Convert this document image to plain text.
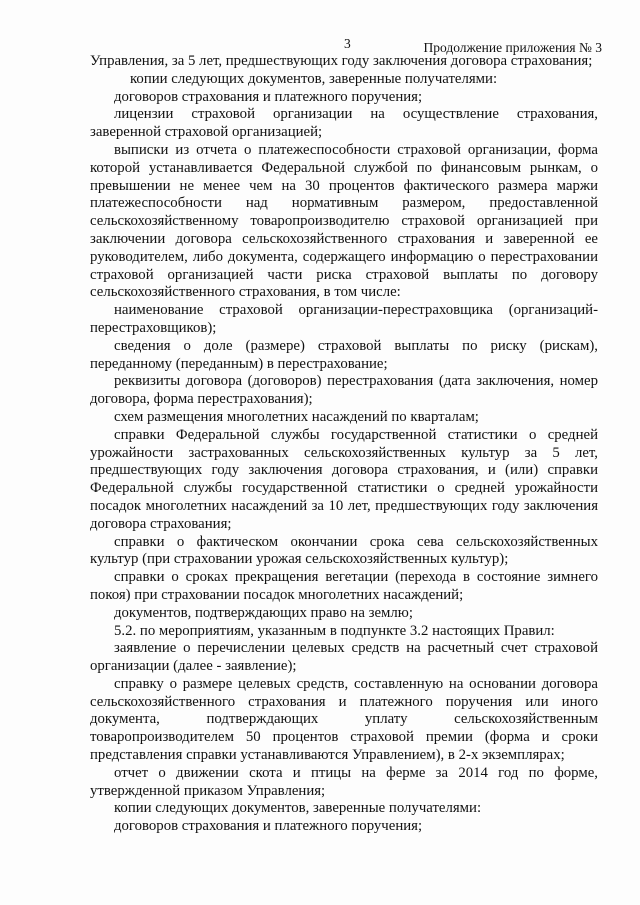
3	Продолжение приложения № 3

Управления, за 5 лет, предшествующих году заключения договора страхования;

копии следующих документов, заверенные получателями:

договоров страхования и платежного поручения;

лицензии страховой организации на осуществление страхования, заверенной страховой организацией;

выписки из отчета о платежеспособности страховой организации, форма которой устанавливается Федеральной службой по финансовым рынкам, о превышении не менее чем на 30 процентов фактического размера маржи платежеспособности над нормативным размером, предоставленной сельскохозяйственному товаропроизводителю страховой организацией при заключении договора сельскохозяйственного страхования и заверенной ее руководителем, либо документа, содержащего информацию о перестраховании страховой организацией части риска страховой выплаты по договору сельскохозяйственного страхования, в том числе:

наименование страховой организации-перестраховщика (организаций-перестраховщиков);

сведения о доле (размере) страховой выплаты по риску (рискам), переданному (переданным) в перестрахование;

реквизиты договора (договоров) перестрахования (дата заключения, номер договора, форма перестрахования);

схем размещения многолетних насаждений по кварталам;

справки Федеральной службы государственной статистики о средней урожайности застрахованных сельскохозяйственных культур за 5 лет, предшествующих году заключения договора страхования, и (или) справки Федеральной службы государственной статистики о средней урожайности посадок многолетних насаждений за 10 лет, предшествующих году заключения договора страхования;

справки о фактическом окончании срока сева сельскохозяйственных культур (при страховании урожая сельскохозяйственных культур);

справки о сроках прекращения вегетации (перехода в состояние зимнего покоя) при страховании посадок многолетних насаждений;

документов, подтверждающих право на землю;

5.2. по мероприятиям, указанным в подпункте 3.2 настоящих Правил:

заявление о перечислении целевых средств на расчетный счет страховой организации (далее - заявление);

справку о размере целевых средств, составленную на основании договора сельскохозяйственного страхования и платежного поручения или иного документа, подтверждающих уплату сельскохозяйственным товаропроизводителем 50 процентов страховой премии (форма и сроки представления справки устанавливаются Управлением), в 2-х экземплярах;

отчет о движении скота и птицы на ферме за 2014 год по форме, утвержденной приказом Управления;

копии следующих документов, заверенные получателями:

договоров страхования и платежного поручения;
